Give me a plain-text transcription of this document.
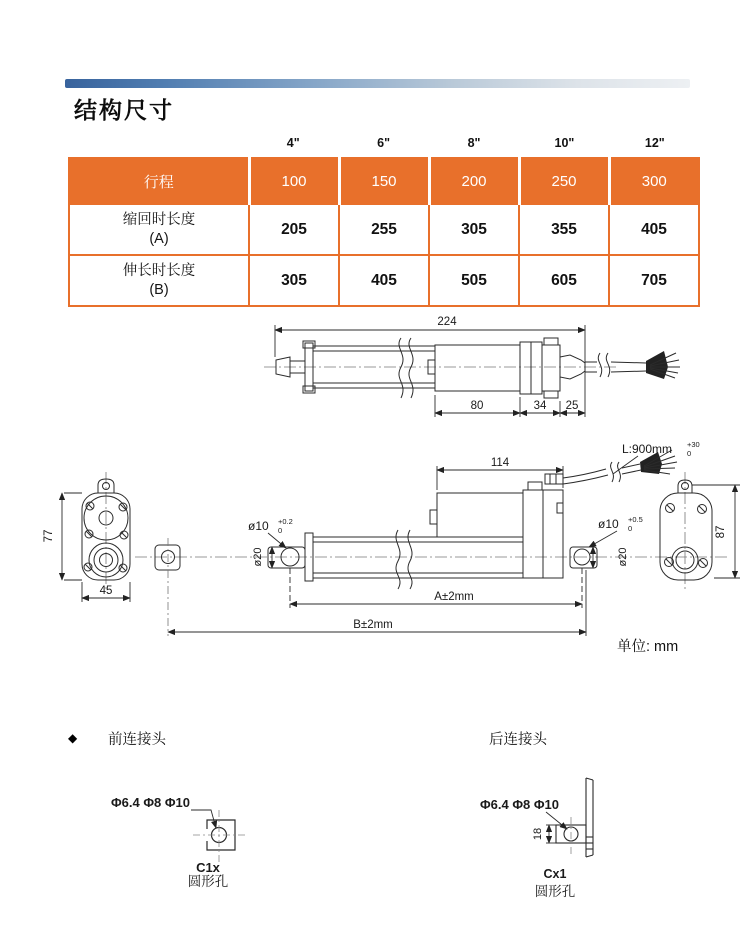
结构尺寸
4"	6"	8"	10"	12"
行程	100	150	200	250	300
缩回时长度
(A)	205	255	305	355	405
伸长时长度
(B)	305	405	505	605	705
224
80	34 25
114
L:900mm +30
0
ø10 +0.2
0	ø10 +0.5
0
ø20	ø20
77
45
87
A±2mm
B±2mm
单位: mm
◆ 前连接头	后连接头
Φ6.4 Φ8 Φ10
C1x
圆形孔
Φ6.4 Φ8 Φ10
18
Cx1
圆形孔
